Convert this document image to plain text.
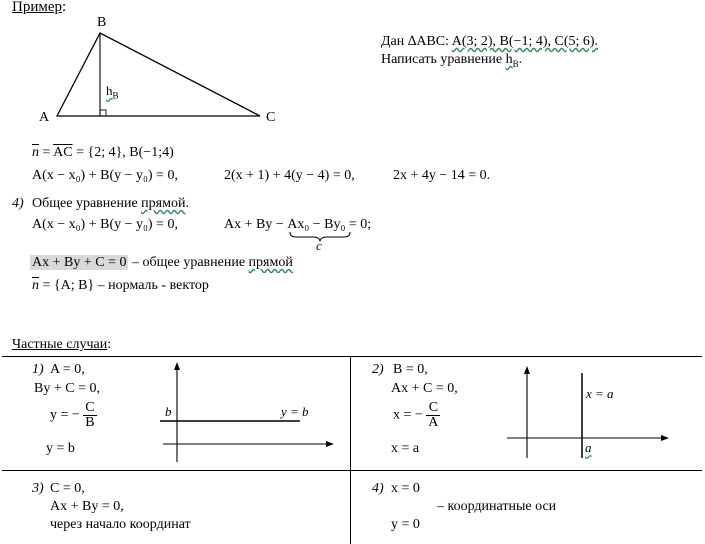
Пример:
B
A	C
$h_B$
Дан ∆ABC: A(3; 2), B(−1; 4), C(5; 6).
Написать уравнение $h_B$.
$\overline{n} = \overline{AC} = \{2$; 4}, B(−1;4)
A(x − x₀) + B(y − y₀) = 0,	2(x + 1) + 4(y − 4) = 0,	2x + 4y − 14 = 0.
4) Общее уравнение прямой.
A(x − x₀) + B(y − y₀) = 0,	Ax + By − Ax₀ − By₀ = 0;
c
Ax + By + C = 0 – общее уравнение прямой
$\overline{n} = \{A$; B} – нормаль - вектор
Частные случаи:
1) A = 0,
By + C = 0,
y = − $\frac{C}{B}$
y = b
b	y = b
2) B = 0,
Ax + C = 0,
x = − $\frac{C}{A}$
x = a
x = a
a
3) C = 0,
Ax + By = 0,
через начало координат
4) x = 0
y = 0
– координатные оси
